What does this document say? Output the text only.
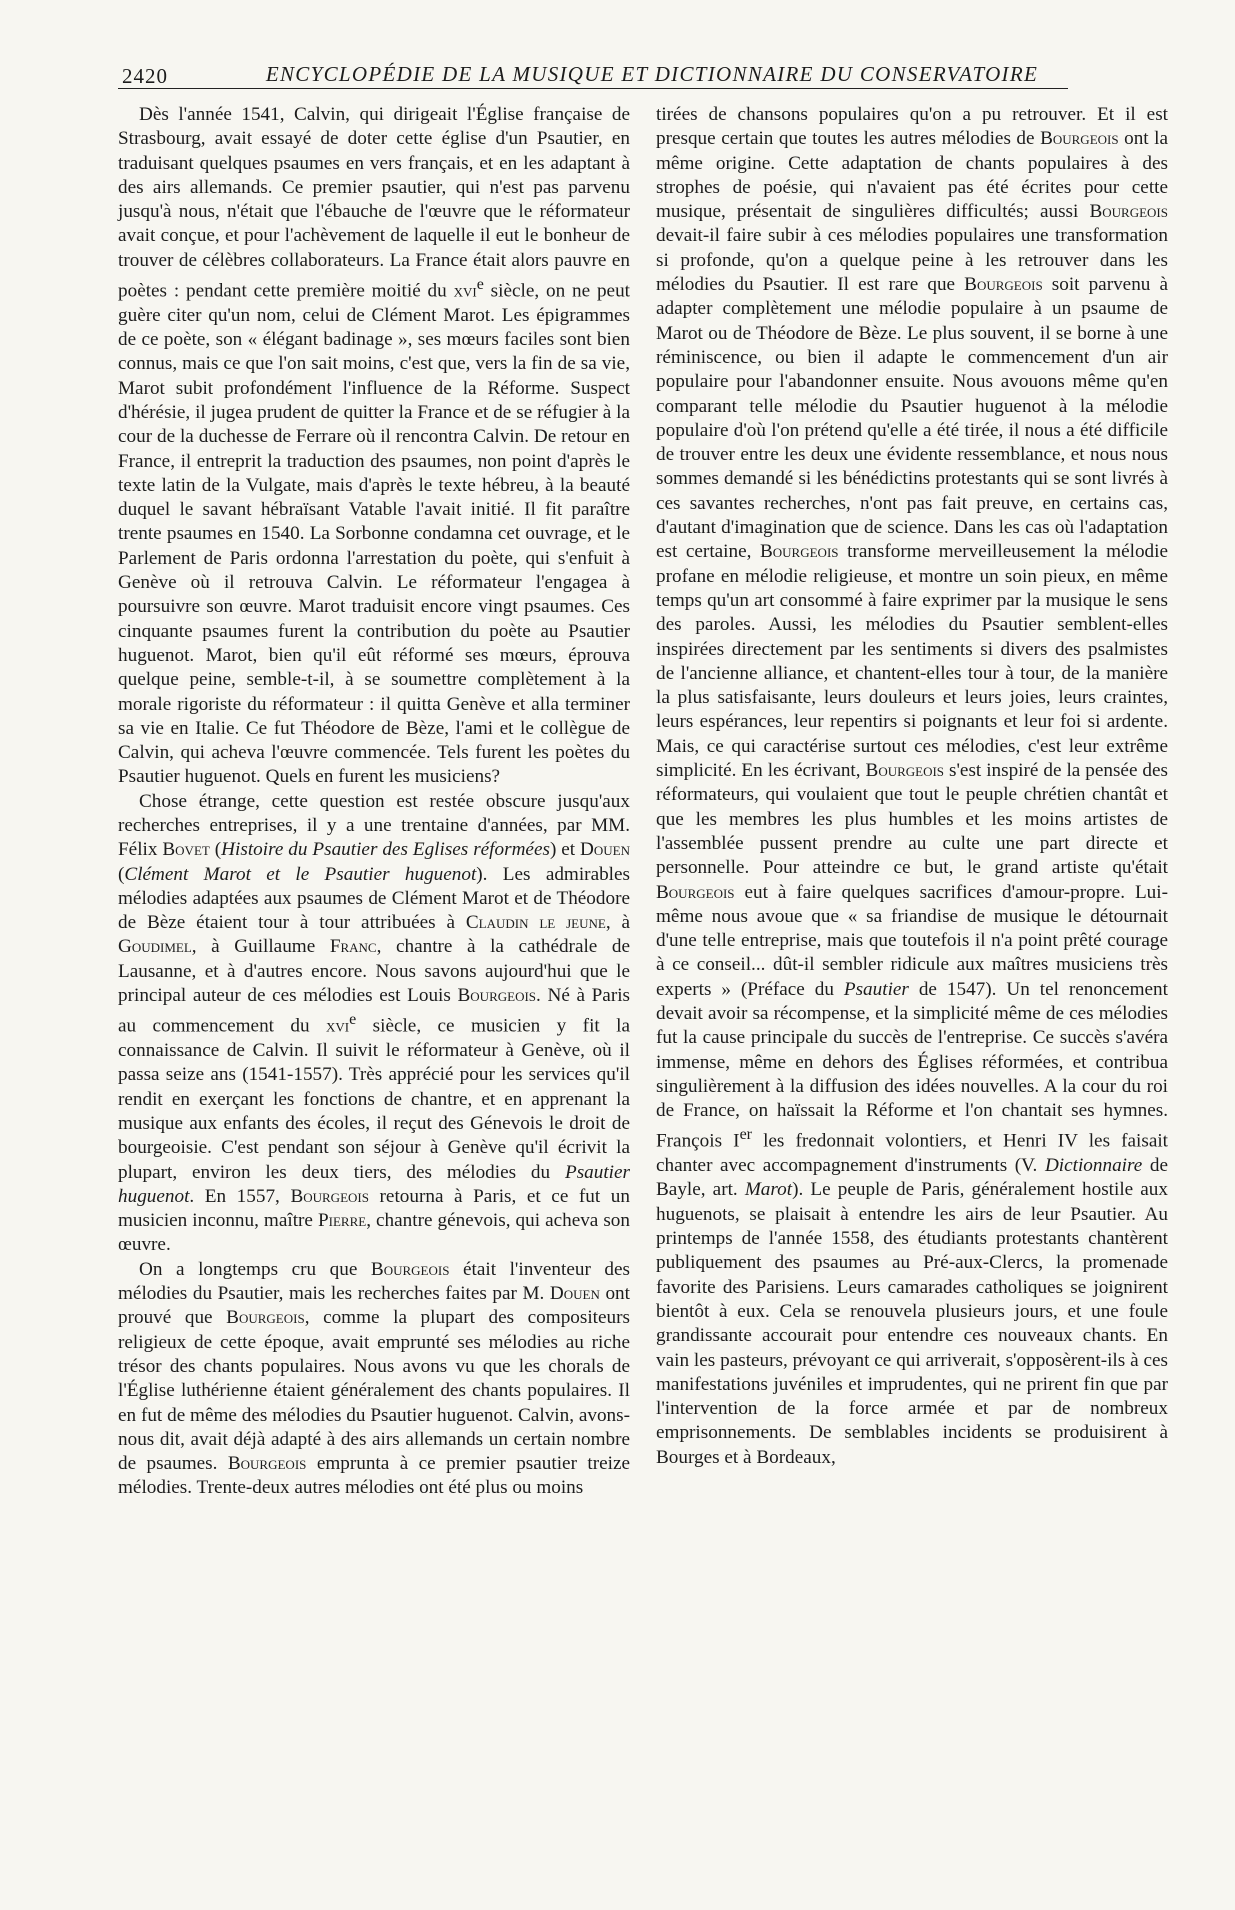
2420	ENCYCLOPÉDIE DE LA MUSIQUE ET DICTIONNAIRE DU CONSERVATOIRE

Dès l'année 1541, Calvin, qui dirigeait l'Église française de Strasbourg, avait essayé de doter cette église d'un Psautier, en traduisant quelques psaumes en vers français, et en les adaptant à des airs allemands. Ce premier psautier, qui n'est pas parvenu jusqu'à nous, n'était que l'ébauche de l'œuvre que le réformateur avait conçue, et pour l'achèvement de laquelle il eut le bonheur de trouver de célèbres collaborateurs. La France était alors pauvre en poètes : pendant cette première moitié du xvi$^e$ siècle, on ne peut guère citer qu'un nom, celui de Clément Marot. Les épigrammes de ce poète, son « élégant badinage », ses mœurs faciles sont bien connus, mais ce que l'on sait moins, c'est que, vers la fin de sa vie, Marot subit profondément l'influence de la Réforme. Suspect d'hérésie, il jugea prudent de quitter la France et de se réfugier à la cour de la duchesse de Ferrare où il rencontra Calvin. De retour en France, il entreprit la traduction des psaumes, non point d'après le texte latin de la Vulgate, mais d'après le texte hébreu, à la beauté duquel le savant hébraïsant Vatable l'avait initié. Il fit paraître trente psaumes en 1540. La Sorbonne condamna cet ouvrage, et le Parlement de Paris ordonna l'arrestation du poète, qui s'enfuit à Genève où il retrouva Calvin. Le réformateur l'engagea à poursuivre son œuvre. Marot traduisit encore vingt psaumes. Ces cinquante psaumes furent la contribution du poète au Psautier huguenot. Marot, bien qu'il eût réformé ses mœurs, éprouva quelque peine, semble-t-il, à se soumettre complètement à la morale rigoriste du réformateur : il quitta Genève et alla terminer sa vie en Italie. Ce fut Théodore de Bèze, l'ami et le collègue de Calvin, qui acheva l'œuvre commencée. Tels furent les poètes du Psautier huguenot. Quels en furent les musiciens?

Chose étrange, cette question est restée obscure jusqu'aux recherches entreprises, il y a une trentaine d'années, par MM. Félix Bovet (Histoire du Psautier des Eglises réformées) et Douen (Clément Marot et le Psautier huguenot). Les admirables mélodies adaptées aux psaumes de Clément Marot et de Théodore de Bèze étaient tour à tour attribuées à Claudin le jeune, à Goudimel, à Guillaume Franc, chantre à la cathédrale de Lausanne, et à d'autres encore. Nous savons aujourd'hui que le principal auteur de ces mélodies est Louis Bourgeois. Né à Paris au commencement du xvi$^e$ siècle, ce musicien y fit la connaissance de Calvin. Il suivit le réformateur à Genève, où il passa seize ans (1541-1557). Très apprécié pour les services qu'il rendit en exerçant les fonctions de chantre, et en apprenant la musique aux enfants des écoles, il reçut des Génevois le droit de bourgeoisie. C'est pendant son séjour à Genève qu'il écrivit la plupart, environ les deux tiers, des mélodies du Psautier huguenot. En 1557, Bourgeois retourna à Paris, et ce fut un musicien inconnu, maître Pierre, chantre génevois, qui acheva son œuvre.

On a longtemps cru que Bourgeois était l'inventeur des mélodies du Psautier, mais les recherches faites par M. Douen ont prouvé que Bourgeois, comme la plupart des compositeurs religieux de cette époque, avait emprunté ses mélodies au riche trésor des chants populaires. Nous avons vu que les chorals de l'Église luthérienne étaient généralement des chants populaires. Il en fut de même des mélodies du Psautier huguenot. Calvin, avons-nous dit, avait déjà adapté à des airs allemands un certain nombre de psaumes. Bourgeois emprunta à ce premier psautier treize mélodies. Trente-deux autres mélodies ont été plus ou moins

tirées de chansons populaires qu'on a pu retrouver. Et il est presque certain que toutes les autres mélodies de Bourgeois ont la même origine. Cette adaptation de chants populaires à des strophes de poésie, qui n'avaient pas été écrites pour cette musique, présentait de singulières difficultés; aussi Bourgeois devait-il faire subir à ces mélodies populaires une transformation si profonde, qu'on a quelque peine à les retrouver dans les mélodies du Psautier. Il est rare que Bourgeois soit parvenu à adapter complètement une mélodie populaire à un psaume de Marot ou de Théodore de Bèze. Le plus souvent, il se borne à une réminiscence, ou bien il adapte le commencement d'un air populaire pour l'abandonner ensuite. Nous avouons même qu'en comparant telle mélodie du Psautier huguenot à la mélodie populaire d'où l'on prétend qu'elle a été tirée, il nous a été difficile de trouver entre les deux une évidente ressemblance, et nous nous sommes demandé si les bénédictins protestants qui se sont livrés à ces savantes recherches, n'ont pas fait preuve, en certains cas, d'autant d'imagination que de science. Dans les cas où l'adaptation est certaine, Bourgeois transforme merveilleusement la mélodie profane en mélodie religieuse, et montre un soin pieux, en même temps qu'un art consommé à faire exprimer par la musique le sens des paroles. Aussi, les mélodies du Psautier semblent-elles inspirées directement par les sentiments si divers des psalmistes de l'ancienne alliance, et chantent-elles tour à tour, de la manière la plus satisfaisante, leurs douleurs et leurs joies, leurs craintes, leurs espérances, leur repentirs si poignants et leur foi si ardente. Mais, ce qui caractérise surtout ces mélodies, c'est leur extrême simplicité. En les écrivant, Bourgeois s'est inspiré de la pensée des réformateurs, qui voulaient que tout le peuple chrétien chantât et que les membres les plus humbles et les moins artistes de l'assemblée pussent prendre au culte une part directe et personnelle. Pour atteindre ce but, le grand artiste qu'était Bourgeois eut à faire quelques sacrifices d'amour-propre. Lui-même nous avoue que « sa friandise de musique le détournait d'une telle entreprise, mais que toutefois il n'a point prêté courage à ce conseil... dût-il sembler ridicule aux maîtres musiciens très experts » (Préface du Psautier de 1547). Un tel renoncement devait avoir sa récompense, et la simplicité même de ces mélodies fut la cause principale du succès de l'entreprise. Ce succès s'avéra immense, même en dehors des Églises réformées, et contribua singulièrement à la diffusion des idées nouvelles. A la cour du roi de France, on haïssait la Réforme et l'on chantait ses hymnes. François Ier les fredonnait volontiers, et Henri IV les faisait chanter avec accompagnement d'instruments (V. Dictionnaire de Bayle, art. Marot). Le peuple de Paris, généralement hostile aux huguenots, se plaisait à entendre les airs de leur Psautier. Au printemps de l'année 1558, des étudiants protestants chantèrent publiquement des psaumes au Pré-aux-Clercs, la promenade favorite des Parisiens. Leurs camarades catholiques se joignirent bientôt à eux. Cela se renouvela plusieurs jours, et une foule grandissante accourait pour entendre ces nouveaux chants. En vain les pasteurs, prévoyant ce qui arriverait, s'opposèrent-ils à ces manifestations juvéniles et imprudentes, qui ne prirent fin que par l'intervention de la force armée et par de nombreux emprisonnements. De semblables incidents se produisirent à Bourges et à Bordeaux,
